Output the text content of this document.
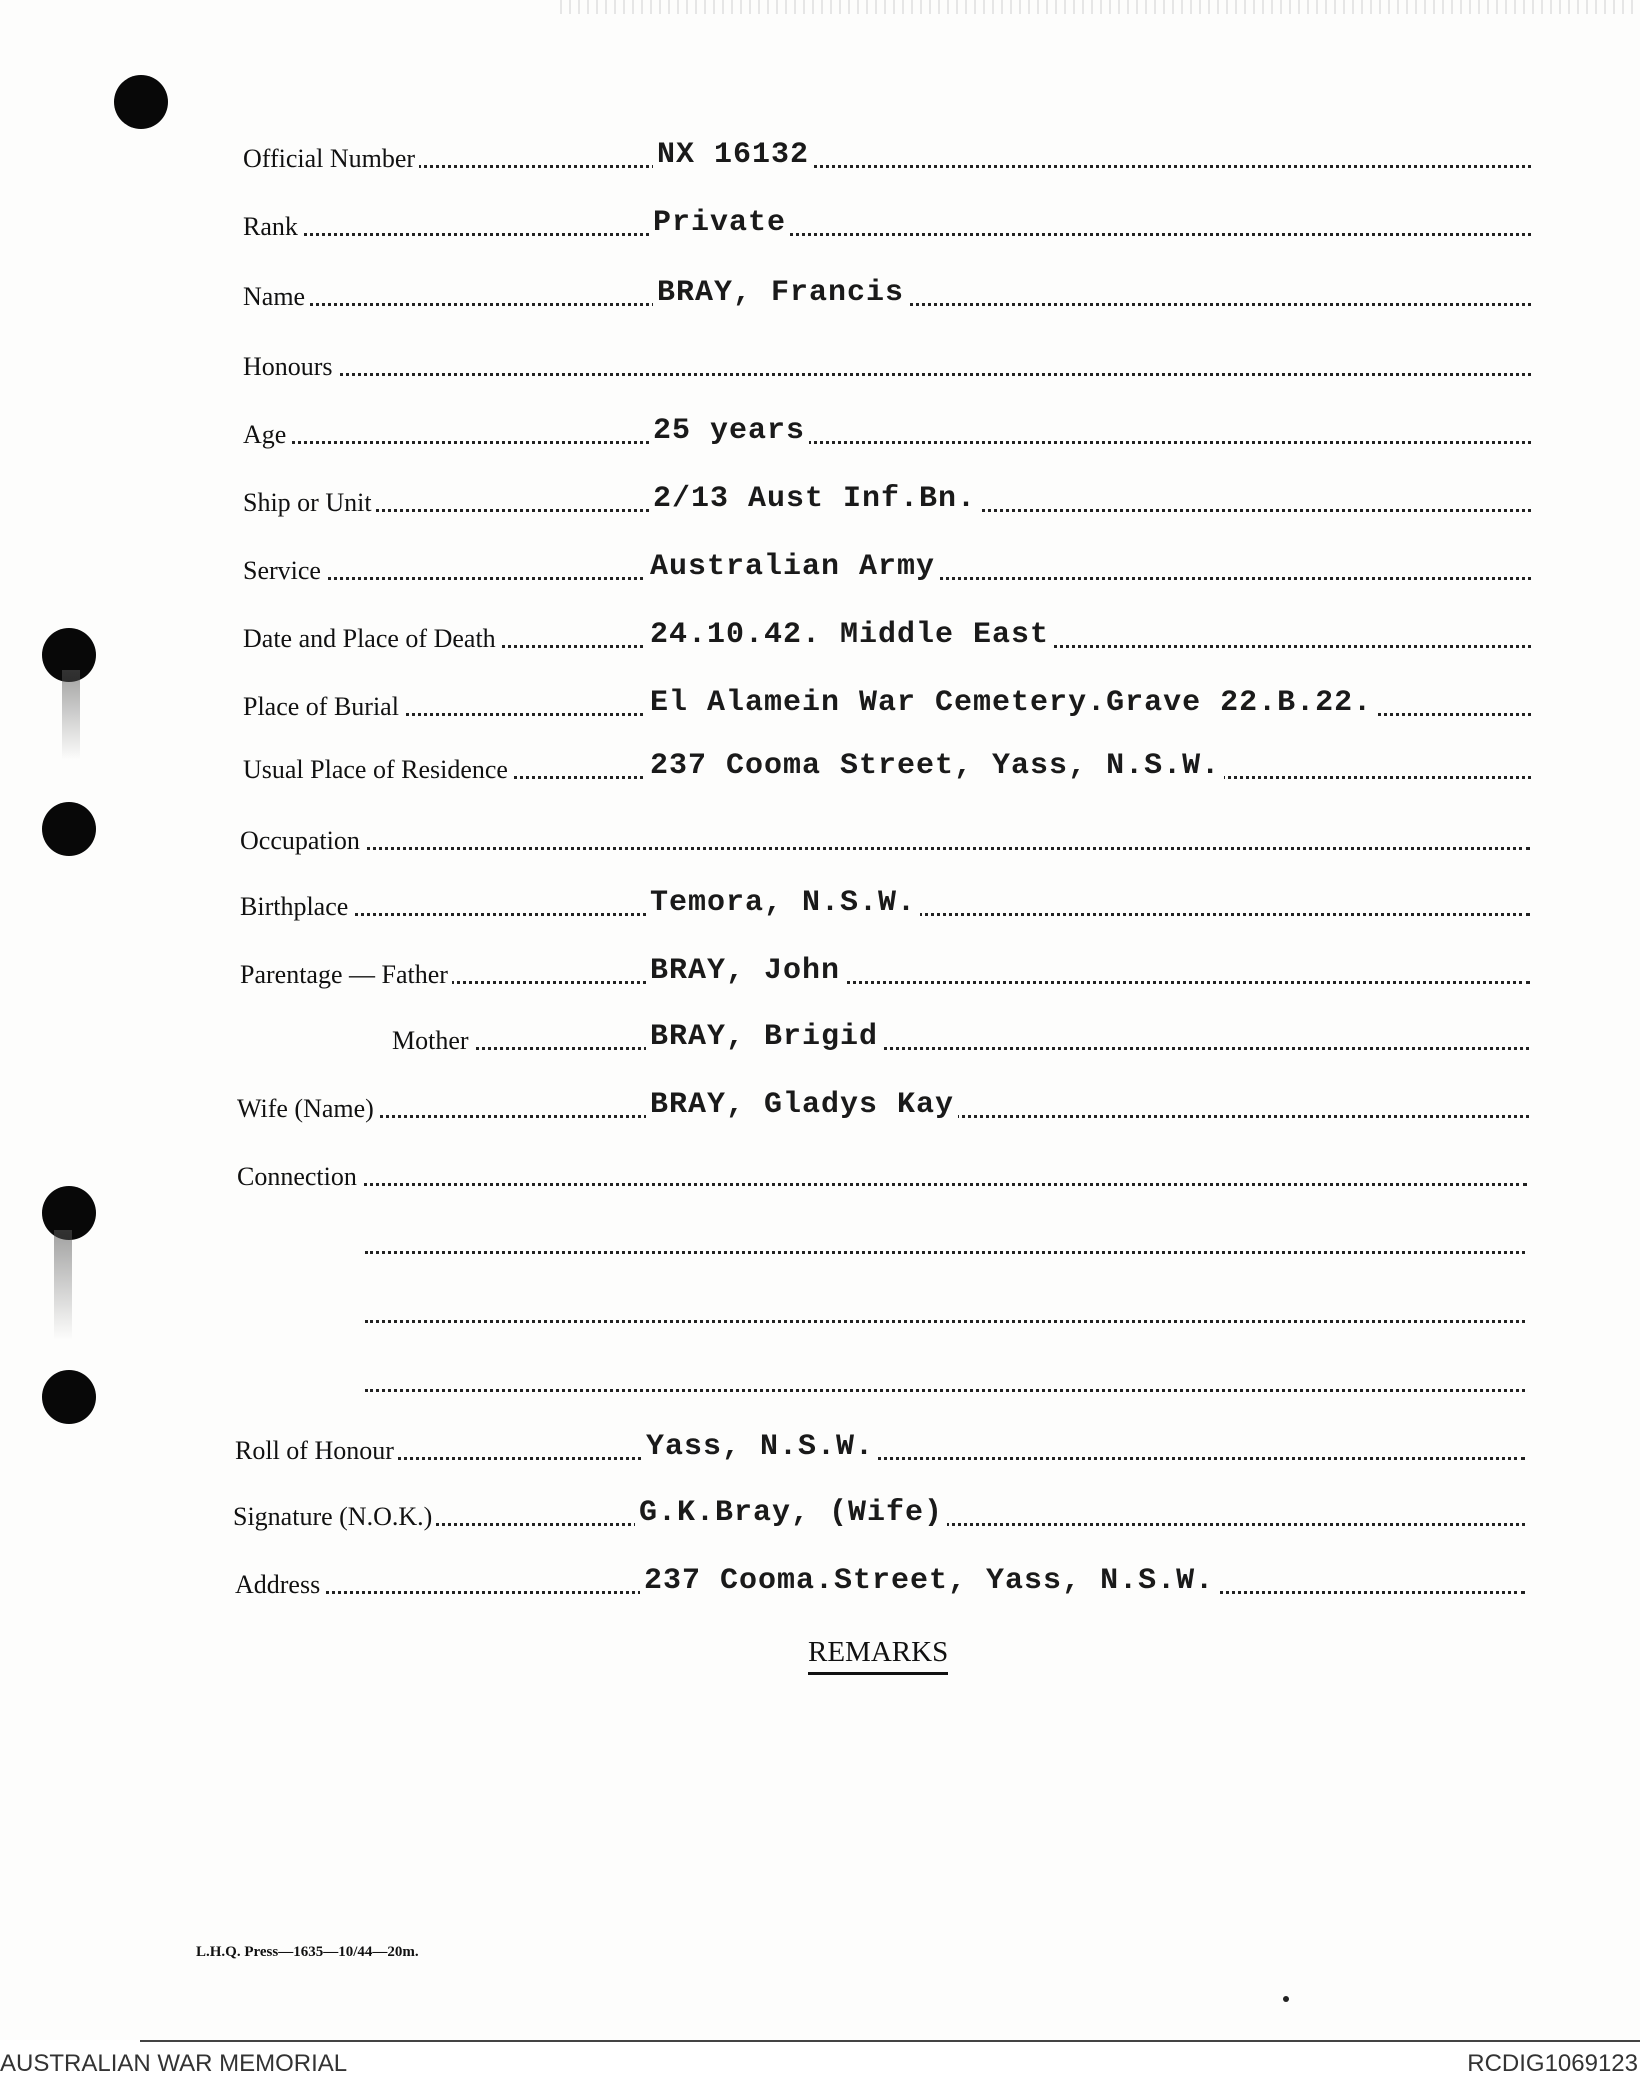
Official Number	NX 16132
Rank	Private
Name	BRAY, Francis
Honours
Age	25 years
Ship or Unit	2/13 Aust Inf.Bn.
Service	Australian Army
Date and Place of Death	24.10.42. Middle East
Place of Burial	El Alamein War Cemetery.Grave 22.B.22.
Usual Place of Residence	237 Cooma Street, Yass, N.S.W.
Occupation
Birthplace	Temora, N.S.W.
Parentage — Father	BRAY, John
Mother	BRAY, Brigid
Wife (Name)	BRAY, Gladys Kay
Connection
Roll of Honour	Yass, N.S.W.
Signature (N.O.K.)	G.K.Bray, (Wife)
Address	237 Cooma.Street, Yass, N.S.W.
REMARKS
L.H.Q. Press—1635—10/44—20m.
AUSTRALIAN WAR MEMORIAL	RCDIG1069123
